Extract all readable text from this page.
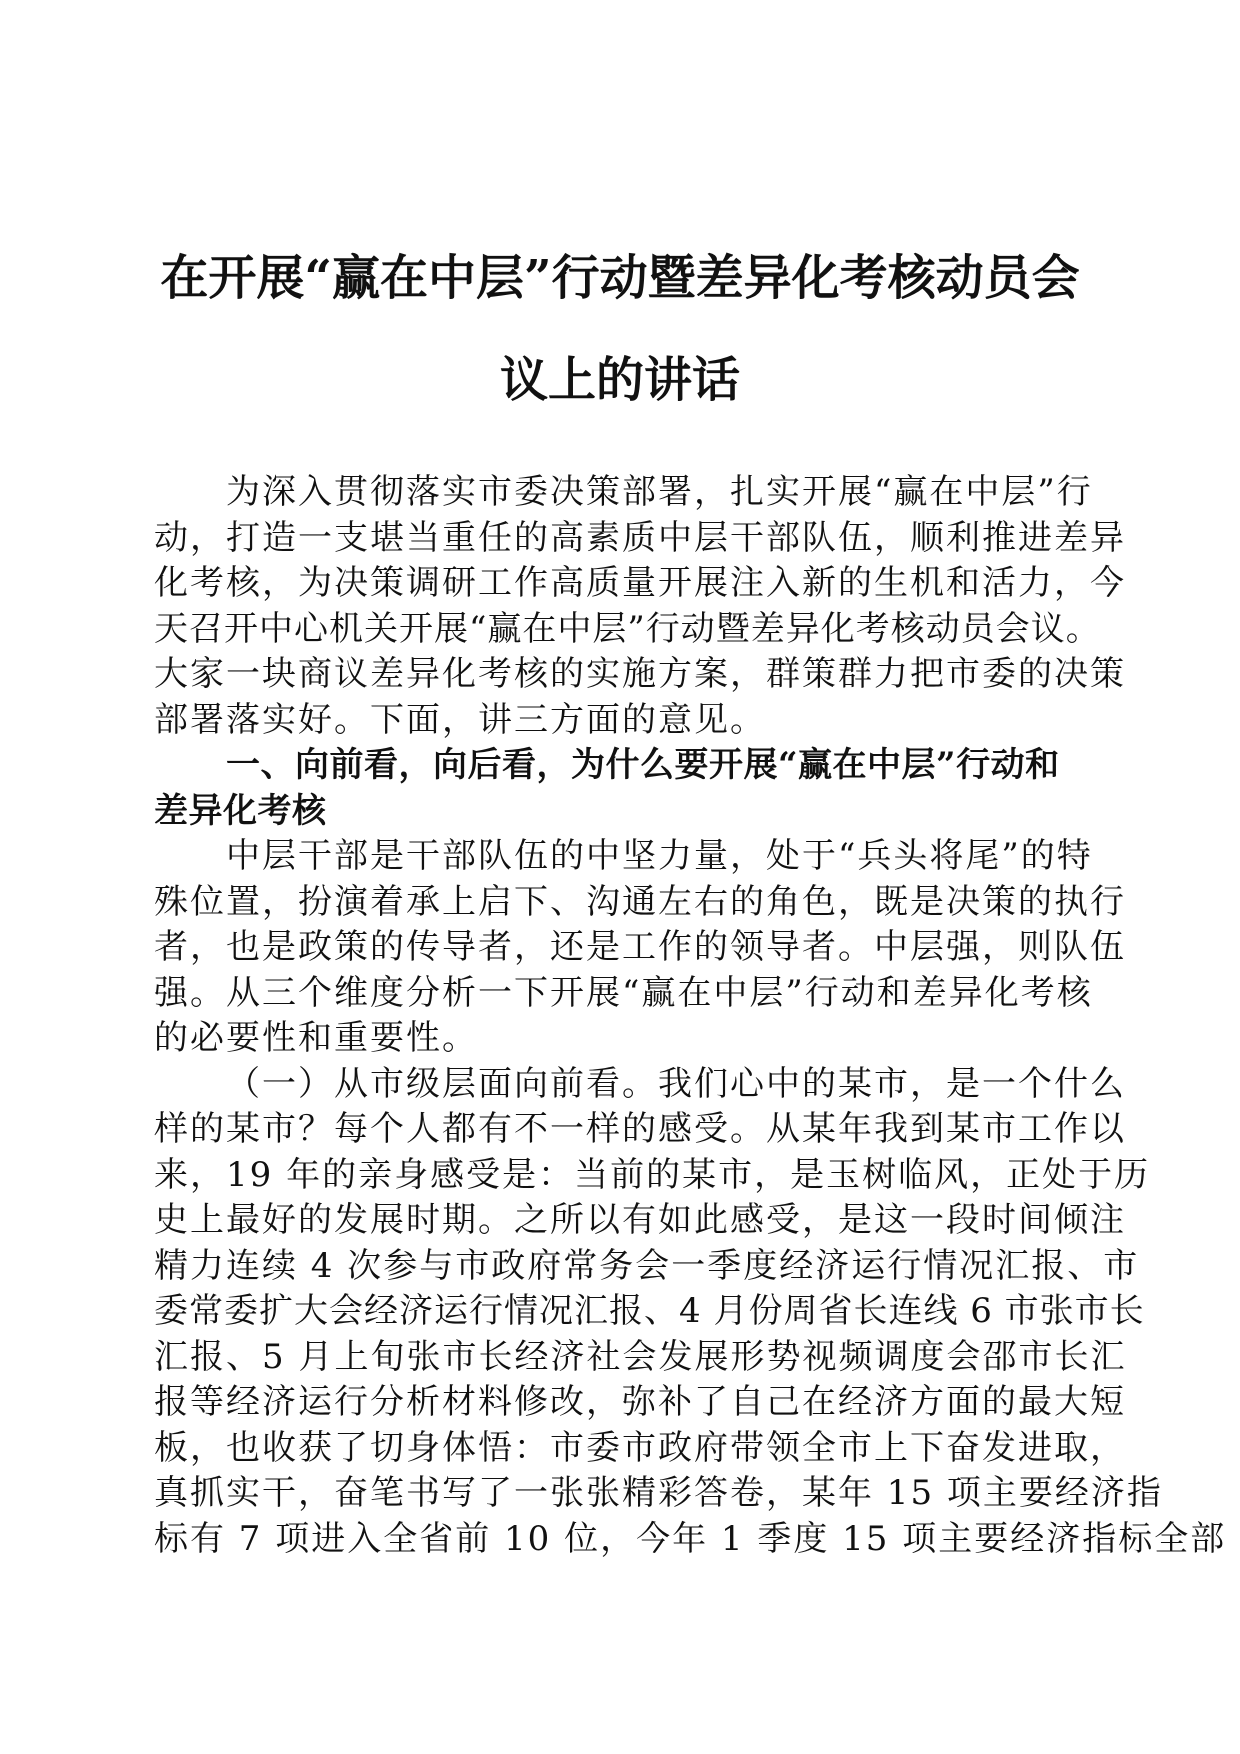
在开展“赢在中层”行动暨差异化考核动员会
议上的讲话

为深入贯彻落实市委决策部署，扎实开展“赢在中层”行
动，打造一支堪当重任的高素质中层干部队伍，顺利推进差异
化考核，为决策调研工作高质量开展注入新的生机和活力，今
天召开中心机关开展“赢在中层”行动暨差异化考核动员会议。
大家一块商议差异化考核的实施方案，群策群力把市委的决策
部署落实好。下面，讲三方面的意见。

一、向前看，向后看，为什么要开展“赢在中层”行动和
差异化考核

中层干部是干部队伍的中坚力量，处于“兵头将尾”的特
殊位置，扮演着承上启下、沟通左右的角色，既是决策的执行
者，也是政策的传导者，还是工作的领导者。中层强，则队伍
强。从三个维度分析一下开展“赢在中层”行动和差异化考核
的必要性和重要性。

（一）从市级层面向前看。我们心中的某市，是一个什么
样的某市？每个人都有不一样的感受。从某年我到某市工作以
来，19 年的亲身感受是：当前的某市，是玉树临风，正处于历
史上最好的发展时期。之所以有如此感受，是这一段时间倾注
精力连续 4 次参与市政府常务会一季度经济运行情况汇报、市
委常委扩大会经济运行情况汇报、4 月份周省长连线 6 市张市长
汇报、5 月上旬张市长经济社会发展形势视频调度会邵市长汇
报等经济运行分析材料修改，弥补了自己在经济方面的最大短
板，也收获了切身体悟：市委市政府带领全市上下奋发进取，
真抓实干，奋笔书写了一张张精彩答卷，某年 15 项主要经济指
标有 7 项进入全省前 10 位，今年 1 季度 15 项主要经济指标全部
